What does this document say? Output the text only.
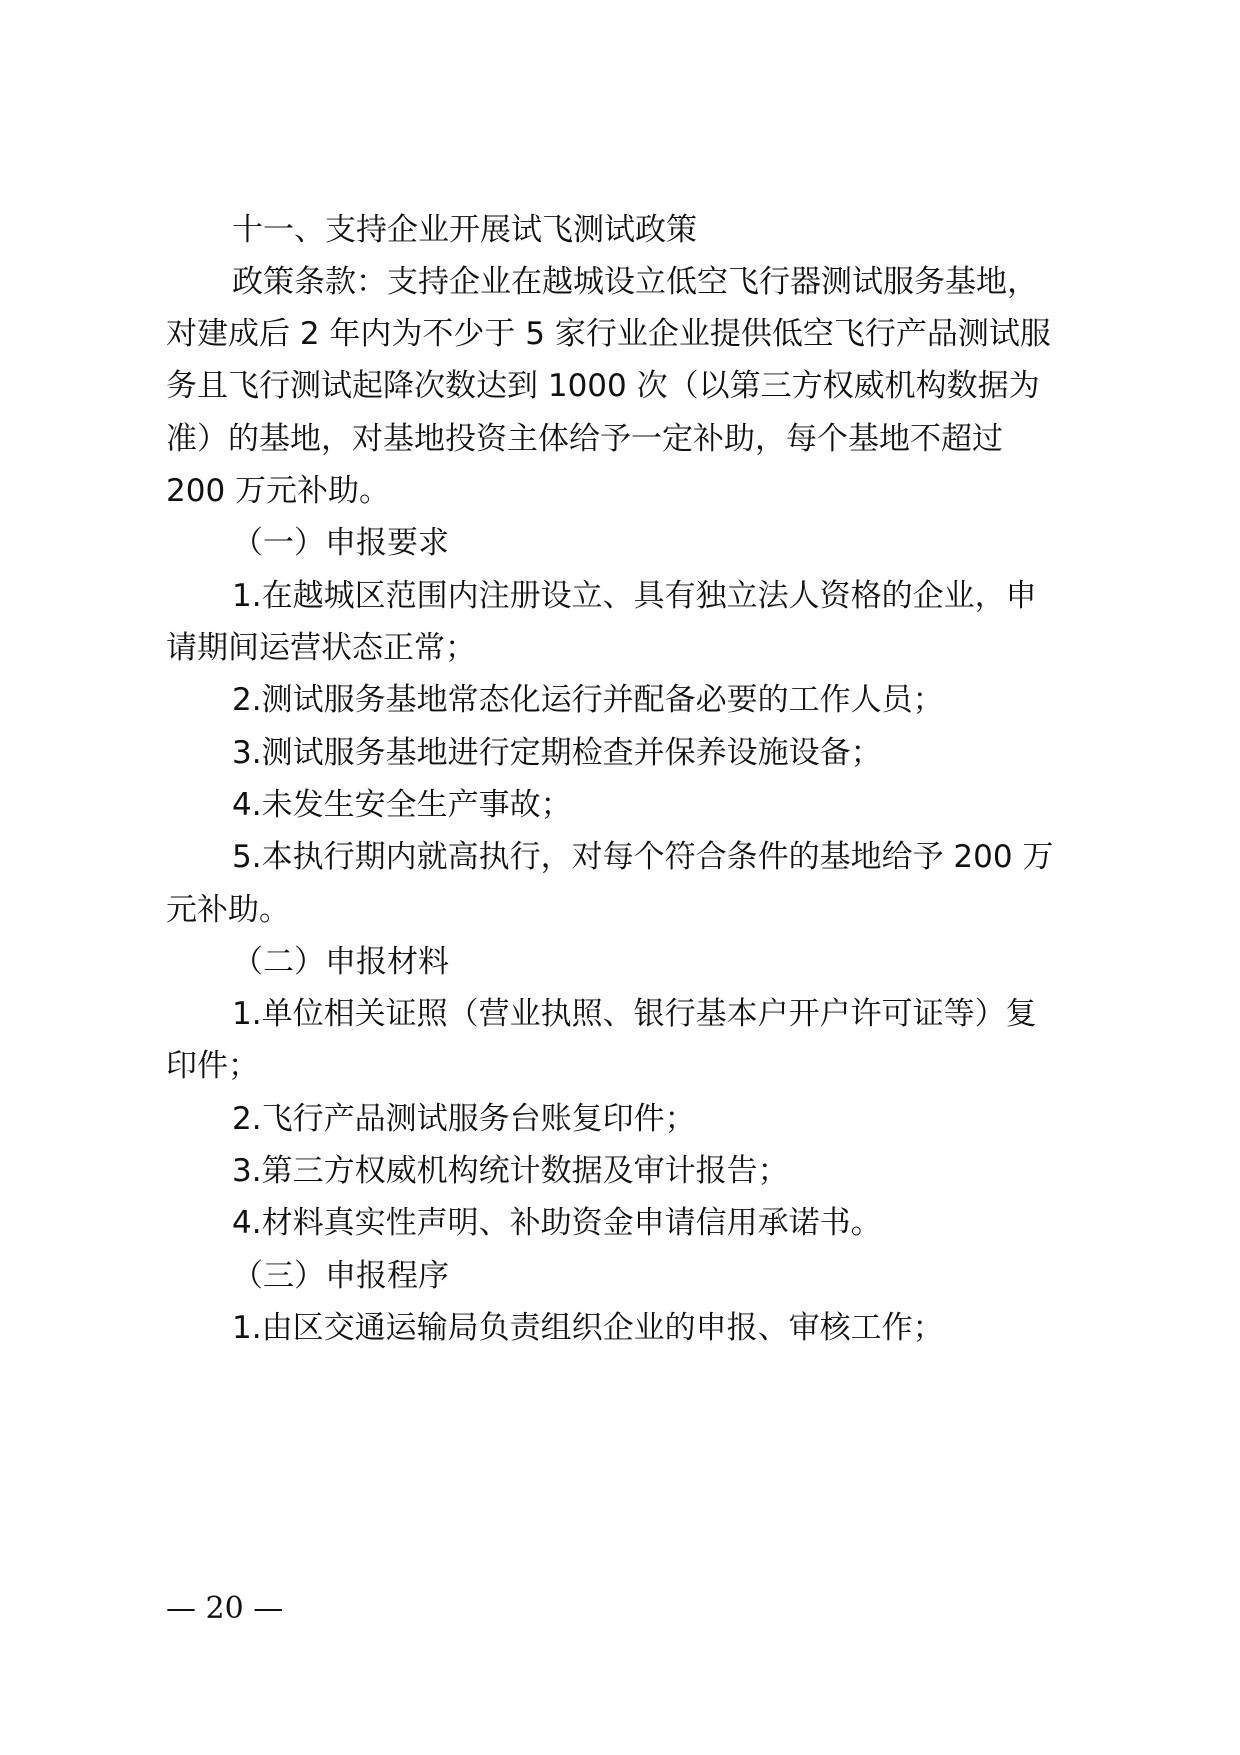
十一、支持企业开展试飞测试政策
政策条款：支持企业在越城设立低空飞行器测试服务基地，
对建成后 2 年内为不少于 5 家行业企业提供低空飞行产品测试服
务且飞行测试起降次数达到 1000 次（以第三方权威机构数据为
准）的基地，对基地投资主体给予一定补助，每个基地不超过
200 万元补助。
（一）申报要求
1.在越城区范围内注册设立、具有独立法人资格的企业，申
请期间运营状态正常；
2.测试服务基地常态化运行并配备必要的工作人员；
3.测试服务基地进行定期检查并保养设施设备；
4.未发生安全生产事故；
5.本执行期内就高执行，对每个符合条件的基地给予 200 万
元补助。
（二）申报材料
1.单位相关证照（营业执照、银行基本户开户许可证等）复
印件；
2.飞行产品测试服务台账复印件；
3.第三方权威机构统计数据及审计报告；
4.材料真实性声明、补助资金申请信用承诺书。
（三）申报程序
1.由区交通运输局负责组织企业的申报、审核工作；
— 20 —
